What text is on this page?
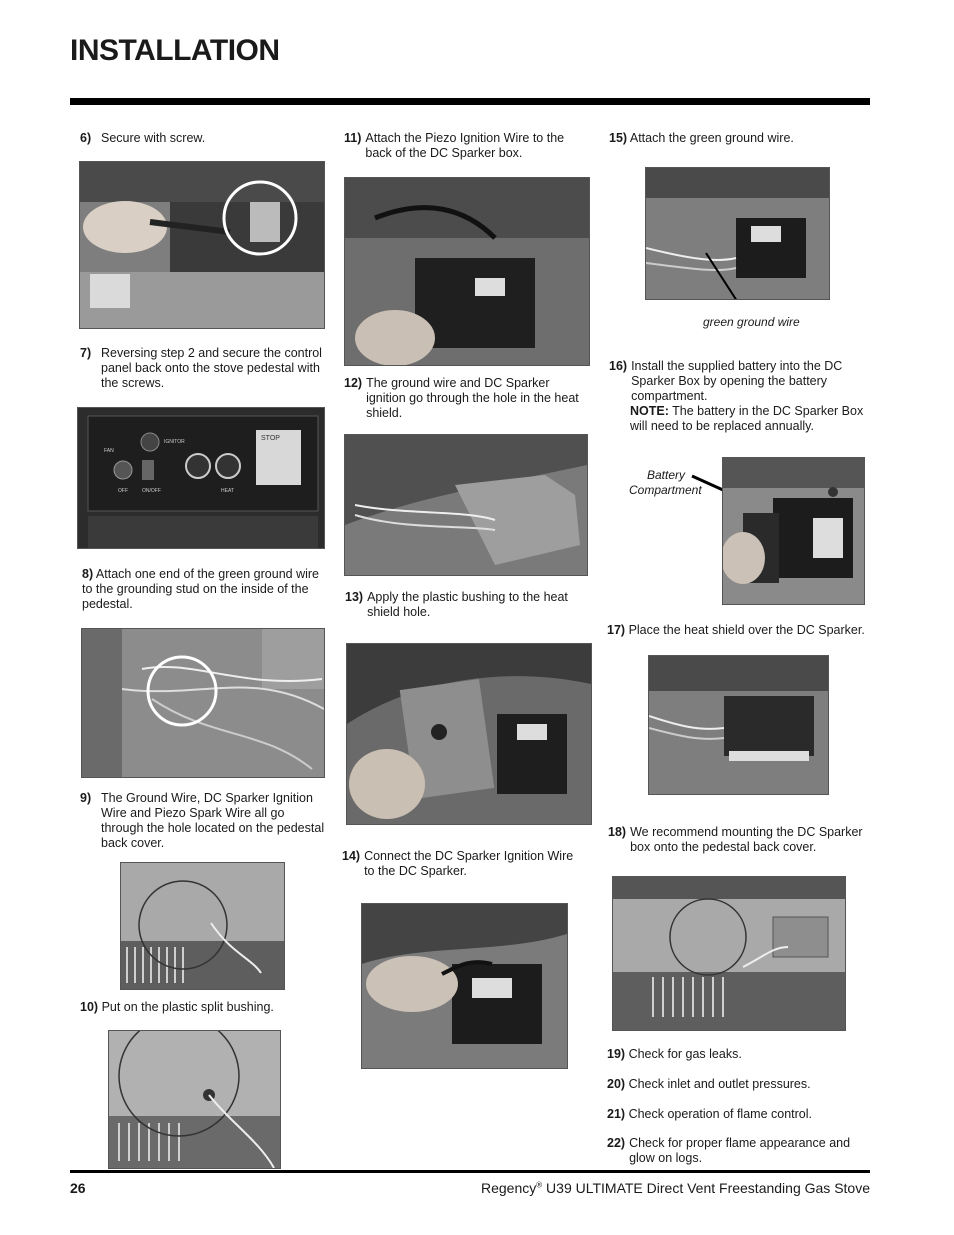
INSTALLATION

6) Secure with screw.

7) Reversing step 2 and secure the control panel back onto the stove pedestal with the screws.

FAN
IGNITOR
OFF	ON/OFF	HEAT
STOP

8) Attach one end of the green ground wire to the grounding stud on the inside of the pedestal.

9) The Ground Wire, DC Sparker Ignition Wire and Piezo Spark Wire all go through the hole located on the pedestal back cover.

10) Put on the plastic split bushing.

11) Attach the Piezo Ignition Wire to the back of the DC Sparker box.

12) The ground wire and DC Sparker ignition go through the hole in the heat shield.

13) Apply the plastic bushing to the heat shield hole.

14) Connect the DC Sparker Ignition Wire to the DC Sparker.

15) Attach the green ground wire.

green ground wire

16) Install the supplied battery into the DC Sparker Box by opening the battery compartment.

NOTE: The battery in the DC Sparker Box will need to be replaced annually.

Battery

Compartment

17) Place the heat shield over the DC Sparker.

18) We recommend mounting the DC Sparker box onto the pedestal back cover.

19) Check for gas leaks.

20) Check inlet and outlet pressures.

21) Check operation of flame control.

22) Check for proper flame appearance and glow on logs.

26	Regency® U39 ULTIMATE Direct Vent Freestanding Gas Stove
